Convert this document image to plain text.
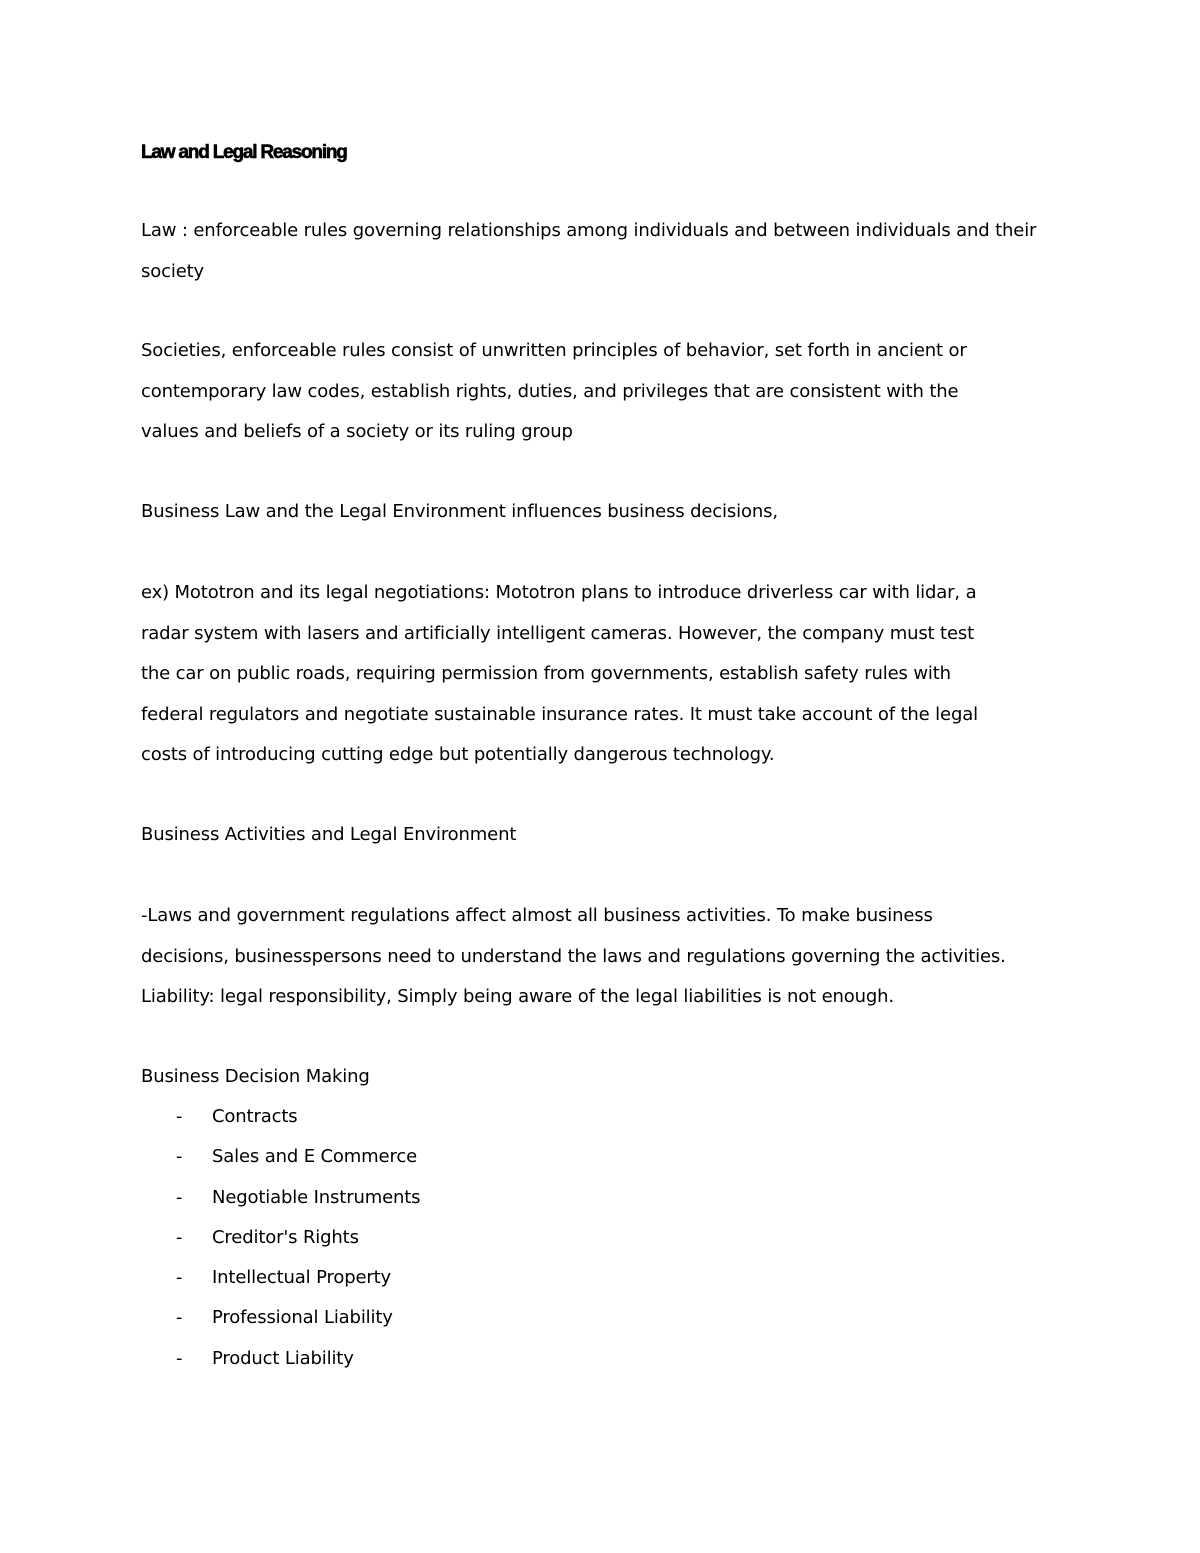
Law and Legal Reasoning
Law : enforceable rules governing relationships among individuals and between individuals and their
society
Societies, enforceable rules consist of unwritten principles of behavior, set forth in ancient or
contemporary law codes, establish rights, duties, and privileges that are consistent with the
values and beliefs of a society or its ruling group
Business Law and the Legal Environment influences business decisions,
ex) Mototron and its legal negotiations: Mototron plans to introduce driverless car with lidar, a
radar system with lasers and artificially intelligent cameras. However, the company must test
the car on public roads, requiring permission from governments, establish safety rules with
federal regulators and negotiate sustainable insurance rates. It must take account of the legal
costs of introducing cutting edge but potentially dangerous technology.
Business Activities and Legal Environment
-Laws and government regulations affect almost all business activities. To make business
decisions, businesspersons need to understand the laws and regulations governing the activities.
Liability: legal responsibility, Simply being aware of the legal liabilities is not enough.
Business Decision Making
- Contracts
- Sales and E Commerce
- Negotiable Instruments
- Creditor's Rights
- Intellectual Property
- Professional Liability
- Product Liability
